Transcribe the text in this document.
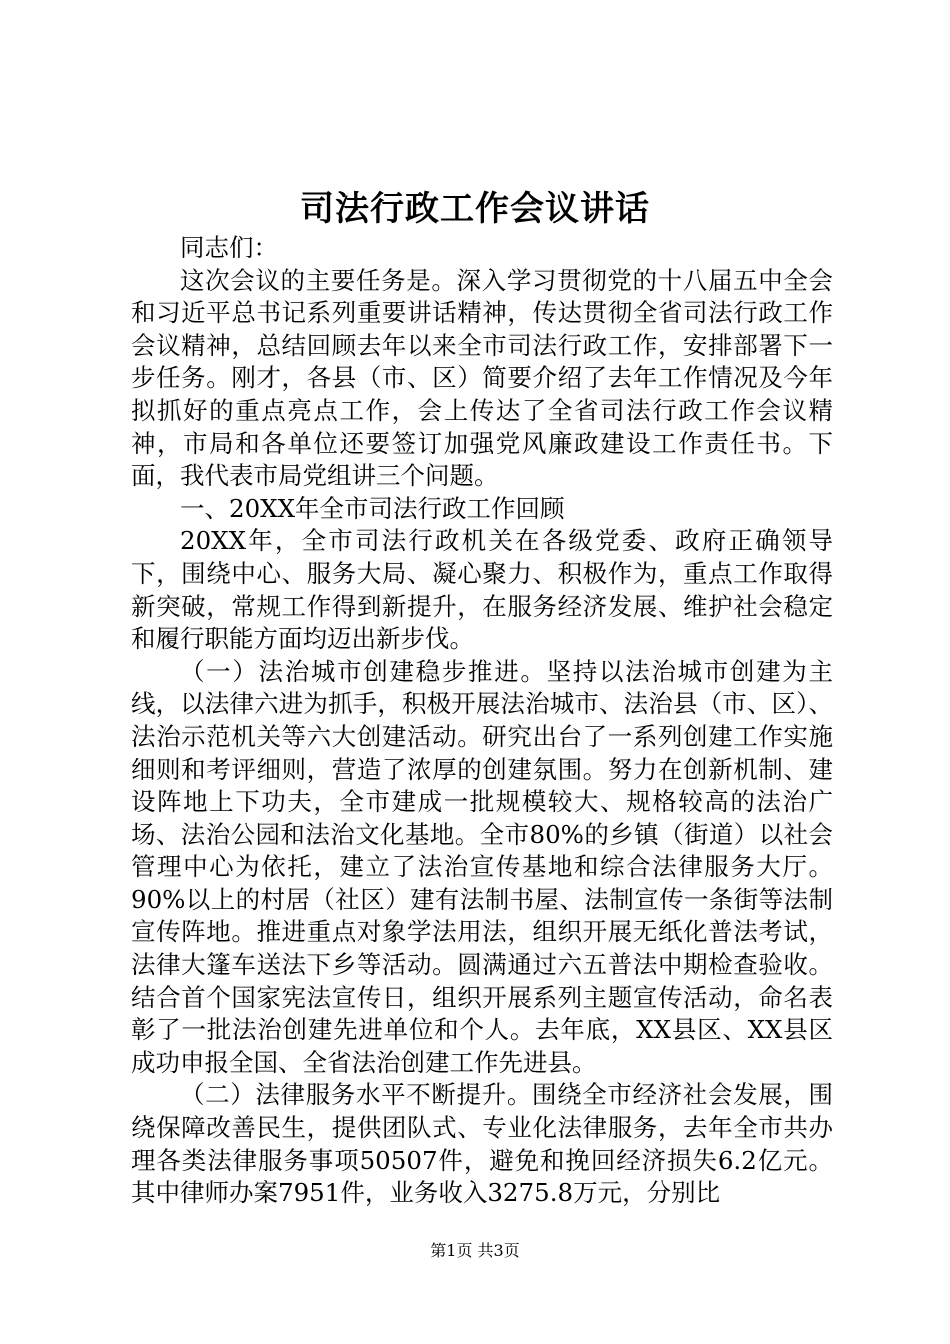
司法行政工作会议讲话

同志们：

这次会议的主要任务是。深入学习贯彻党的十八届五中全会和习近平总书记系列重要讲话精神，传达贯彻全省司法行政工作会议精神，总结回顾去年以来全市司法行政工作，安排部署下一步任务。刚才，各县（市、区）简要介绍了去年工作情况及今年拟抓好的重点亮点工作，会上传达了全省司法行政工作会议精神，市局和各单位还要签订加强党风廉政建设工作责任书。下面，我代表市局党组讲三个问题。

一、20XX年全市司法行政工作回顾

20XX年，全市司法行政机关在各级党委、政府正确领导下，围绕中心、服务大局、凝心聚力、积极作为，重点工作取得新突破，常规工作得到新提升，在服务经济发展、维护社会稳定和履行职能方面均迈出新步伐。

（一）法治城市创建稳步推进。坚持以法治城市创建为主线，以法律六进为抓手，积极开展法治城市、法治县（市、区）、法治示范机关等六大创建活动。研究出台了一系列创建工作实施细则和考评细则，营造了浓厚的创建氛围。努力在创新机制、建设阵地上下功夫，全市建成一批规模较大、规格较高的法治广场、法治公园和法治文化基地。全市80%的乡镇（街道）以社会管理中心为依托，建立了法治宣传基地和综合法律服务大厅。90%以上的村居（社区）建有法制书屋、法制宣传一条街等法制宣传阵地。推进重点对象学法用法，组织开展无纸化普法考试，法律大篷车送法下乡等活动。圆满通过六五普法中期检查验收。结合首个国家宪法宣传日，组织开展系列主题宣传活动，命名表彰了一批法治创建先进单位和个人。去年底，XX县区、XX县区成功申报全国、全省法治创建工作先进县。

（二）法律服务水平不断提升。围绕全市经济社会发展，围绕保障改善民生，提供团队式、专业化法律服务，去年全市共办理各类法律服务事项50507件，避免和挽回经济损失6.2亿元。其中律师办案7951件，业务收入3275.8万元，分别比

第1页 共3页
